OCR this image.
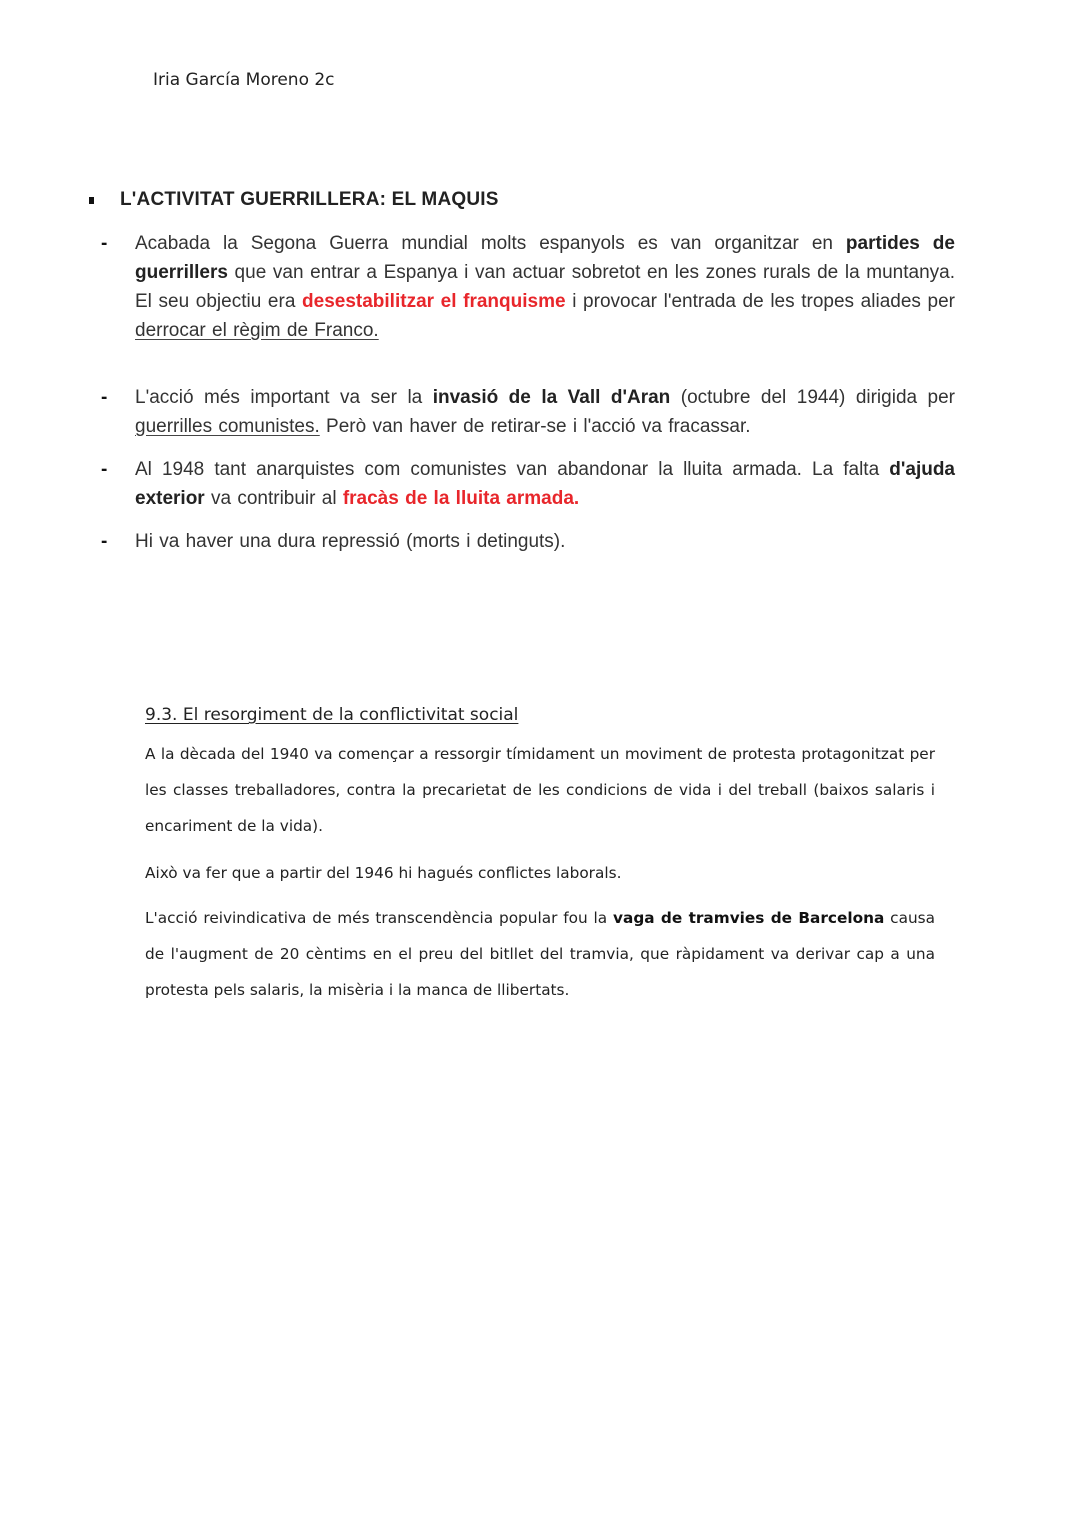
Iria García Moreno 2c
L'ACTIVITAT GUERRILLERA: EL MAQUIS
- Acabada la Segona Guerra mundial molts espanyols es van organitzar en partides de guerrillers que van entrar a Espanya i van actuar sobretot en les zones rurals de la muntanya. El seu objectiu era desestabilitzar el franquisme i provocar l'entrada de les tropes aliades per derrocar el règim de Franco.
- L'acció més important va ser la invasió de la Vall d'Aran (octubre del 1944) dirigida per guerrilles comunistes. Però van haver de retirar-se i l'acció va fracassar.
- Al 1948 tant anarquistes com comunistes van abandonar la lluita armada. La falta d'ajuda exterior va contribuir al fracàs de la lluita armada.
- Hi va haver una dura repressió (morts i detinguts).
9.3. El resorgiment de la conflictivitat social
A la dècada del 1940 va començar a ressorgir tímidament un moviment de protesta protagonitzat per les classes treballadores, contra la precarietat de les condicions de vida i del treball (baixos salaris i encariment de la vida).
Això va fer que a partir del 1946 hi hagués conflictes laborals.
L'acció reivindicativa de més transcendència popular fou la vaga de tramvies de Barcelona causa de l'augment de 20 cèntims en el preu del bitllet del tramvia, que ràpidament va derivar cap a una protesta pels salaris, la misèria i la manca de llibertats.
